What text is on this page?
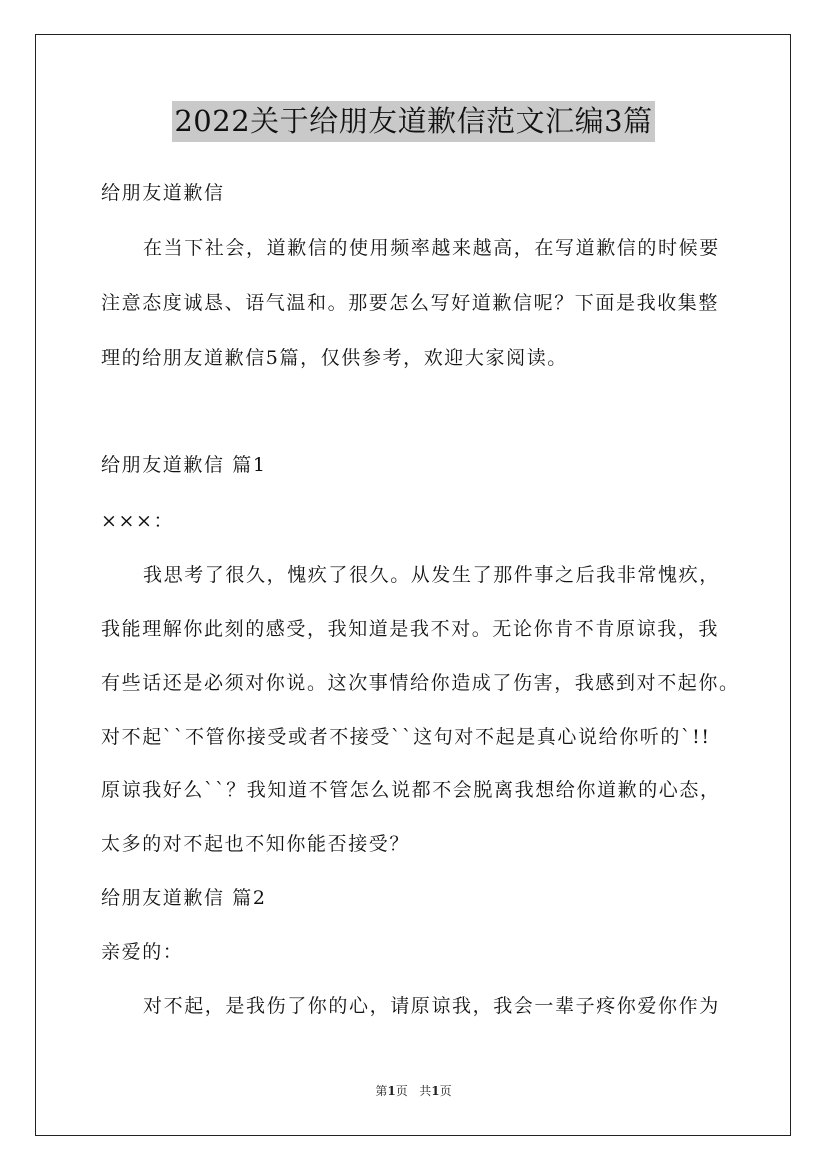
2022关于给朋友道歉信范文汇编3篇
给朋友道歉信
在当下社会，道歉信的使用频率越来越高，在写道歉信的时候要
注意态度诚恳、语气温和。那要怎么写好道歉信呢？下面是我收集整
理的给朋友道歉信5篇，仅供参考，欢迎大家阅读。
给朋友道歉信 篇1
×××：
我思考了很久，愧疚了很久。从发生了那件事之后我非常愧疚，
我能理解你此刻的感受，我知道是我不对。无论你肯不肯原谅我，我
有些话还是必须对你说。这次事情给你造成了伤害，我感到对不起你。
对不起``不管你接受或者不接受``这句对不起是真心说给你听的`!!
原谅我好么``？我知道不管怎么说都不会脱离我想给你道歉的心态，
太多的对不起也不知你能否接受？
给朋友道歉信 篇2
亲爱的：
对不起，是我伤了你的心，请原谅我，我会一辈子疼你爱你作为
第1页 共1页
